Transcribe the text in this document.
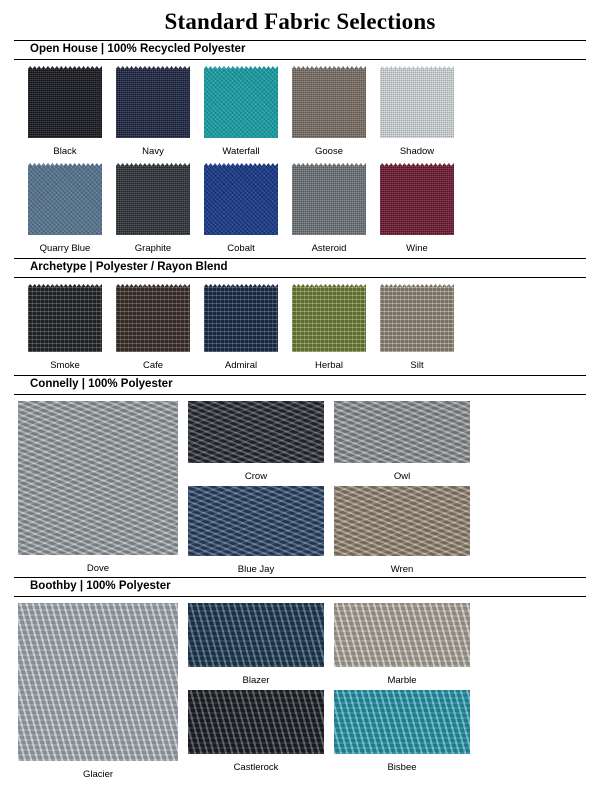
Standard Fabric Selections
Open House | 100% Recycled Polyester
Black	Navy	Waterfall	Goose	Shadow
Quarry Blue	Graphite	Cobalt	Asteroid	Wine
Archetype | Polyester / Rayon Blend
Smoke	Cafe	Admiral	Herbal	Silt
Connelly | 100% Polyester
Dove
Crow	Owl
Blue Jay	Wren
Boothby | 100% Polyester
Glacier
Blazer	Marble
Castlerock	Bisbee
